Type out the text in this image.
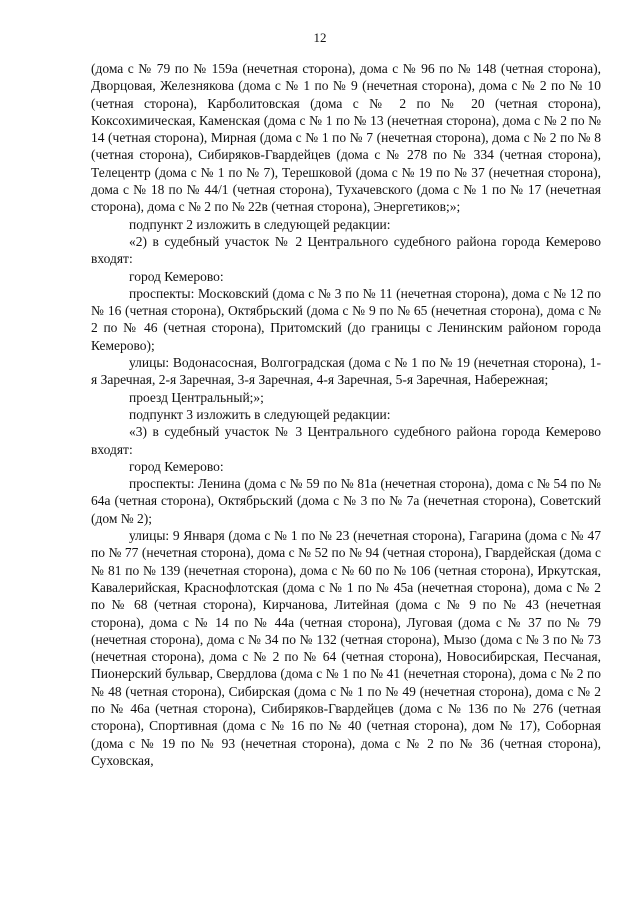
12

(дома с № 79 по № 159а (нечетная сторона), дома с № 96 по № 148 (четная сторона), Дворцовая, Железнякова (дома с № 1 по № 9 (нечетная сторона), дома с № 2 по № 10 (четная сторона), Карболитовская (дома с № 2 по № 20 (четная сторона), Коксохимическая, Каменская (дома с № 1 по № 13 (нечетная сторона), дома с № 2 по № 14 (четная сторона), Мирная (дома с № 1 по № 7 (нечетная сторона), дома с № 2 по № 8 (четная сторона), Сибиряков-Гвардейцев (дома с № 278 по № 334 (четная сторона), Телецентр (дома с № 1 по № 7), Терешковой (дома с № 19 по № 37 (нечетная сторона), дома с № 18 по № 44/1 (четная сторона), Тухачевского (дома с № 1 по № 17 (нечетная сторона), дома с № 2 по № 22в (четная сторона), Энергетиков;»;

подпункт 2 изложить в следующей редакции:

«2) в судебный участок № 2 Центрального судебного района города Кемерово входят:

город Кемерово:

проспекты: Московский (дома с № 3 по № 11 (нечетная сторона), дома с № 12 по № 16 (четная сторона), Октябрьский (дома с № 9 по № 65 (нечетная сторона), дома с № 2 по № 46 (четная сторона), Притомский (до границы с Ленинским районом города Кемерово);

улицы: Водонасосная, Волгоградская (дома с № 1 по № 19 (нечетная сторона), 1-я Заречная, 2-я Заречная, 3-я Заречная, 4-я Заречная, 5-я Заречная, Набережная;

проезд Центральный;»;

подпункт 3 изложить в следующей редакции:

«3) в судебный участок № 3 Центрального судебного района города Кемерово входят:

город Кемерово:

проспекты: Ленина (дома с № 59 по № 81а (нечетная сторона), дома с № 54 по № 64а (четная сторона), Октябрьский (дома с № 3 по № 7а (нечетная сторона), Советский (дом № 2);

улицы: 9 Января (дома с № 1 по № 23 (нечетная сторона), Гагарина (дома с № 47 по № 77 (нечетная сторона), дома с № 52 по № 94 (четная сторона), Гвардейская (дома с № 81 по № 139 (нечетная сторона), дома с № 60 по № 106 (четная сторона), Иркутская, Кавалерийская, Краснофлотская (дома с № 1 по № 45а (нечетная сторона), дома с № 2 по № 68 (четная сторона), Кирчанова, Литейная (дома с № 9 по № 43 (нечетная сторона), дома с № 14 по № 44а (четная сторона), Луговая (дома с № 37 по № 79 (нечетная сторона), дома с № 34 по № 132 (четная сторона), Мызо (дома с № 3 по № 73 (нечетная сторона), дома с № 2 по № 64 (четная сторона), Новосибирская, Песчаная, Пионерский бульвар, Свердлова (дома с № 1 по № 41 (нечетная сторона), дома с № 2 по № 48 (четная сторона), Сибирская (дома с № 1 по № 49 (нечетная сторона), дома с № 2 по № 46а (четная сторона), Сибиряков-Гвардейцев (дома с № 136 по № 276 (четная сторона), Спортивная (дома с № 16 по № 40 (четная сторона), дом № 17), Соборная (дома с № 19 по № 93 (нечетная сторона), дома с № 2 по № 36 (четная сторона), Суховская,
